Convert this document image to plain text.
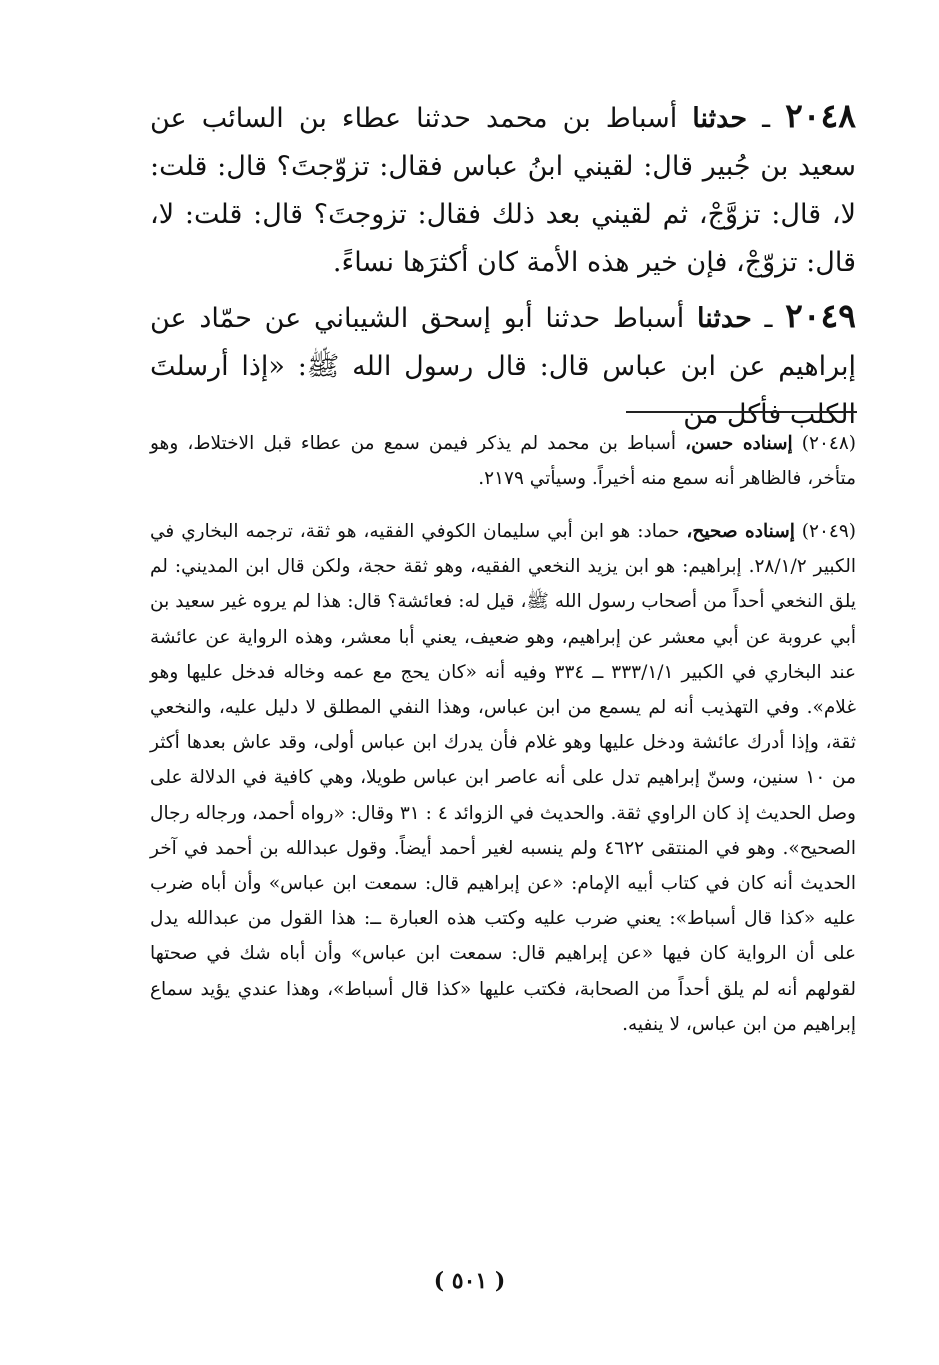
٢٠٤٨ ـ حدثنا أسباط بن محمد حدثنا عطاء بن السائب عن سعيد بن جُبير قال: لقيني ابنُ عباس فقال: تزوّجتَ؟ قال: قلت: لا، قال: تزوَّجْ، ثم لقيني بعد ذلك فقال: تزوجتَ؟ قال: قلت: لا، قال: تزوّجْ، فإن خير هذه الأمة كان أكثرَها نساءً.

٢٠٤٩ ـ حدثنا أسباط حدثنا أبو إسحق الشيباني عن حمّاد عن إبراهيم عن ابن عباس قال: قال رسول الله ﷺ: «إذا أرسلتَ الكلب فأكل من

(٢٠٤٨) إسناده حسن، أسباط بن محمد لم يذكر فيمن سمع من عطاء قبل الاختلاط، وهو متأخر، فالظاهر أنه سمع منه أخيراً. وسيأتي ٢١٧٩.

(٢٠٤٩) إسناده صحيح، حماد: هو ابن أبي سليمان الكوفي الفقيه، هو ثقة، ترجمه البخاري في الكبير ٢٨/١/٢. إبراهيم: هو ابن يزيد النخعي الفقيه، وهو ثقة حجة، ولكن قال ابن المديني: لم يلق النخعي أحداً من أصحاب رسول الله ﷺ، قيل له: فعائشة؟ قال: هذا لم يروه غير سعيد بن أبي عروبة عن أبي معشر عن إبراهيم، وهو ضعيف، يعني أبا معشر، وهذه الرواية عن عائشة عند البخاري في الكبير ٣٣٣/١/١ ــ ٣٣٤ وفيه أنه «كان يحج مع عمه وخاله فدخل عليها وهو غلام». وفي التهذيب أنه لم يسمع من ابن عباس، وهذا النفي المطلق لا دليل عليه، والنخعي ثقة، وإذا أدرك عائشة ودخل عليها وهو غلام فأن يدرك ابن عباس أولى، وقد عاش بعدها أكثر من ١٠ سنين، وسنّ إبراهيم تدل على أنه عاصر ابن عباس طويلا، وهي كافية في الدلالة على وصل الحديث إذ كان الراوي ثقة. والحديث في الزوائد ٤ : ٣١ وقال: «رواه أحمد، ورجاله رجال الصحيح». وهو في المنتقى ٤٦٢٢ ولم ينسبه لغير أحمد أيضاً. وقول عبدالله بن أحمد في آخر الحديث أنه كان في كتاب أبيه الإمام: «عن إبراهيم قال: سمعت ابن عباس» وأن أباه ضرب عليه «كذا قال أسباط»: يعني ضرب عليه وكتب هذه العبارة ــ: هذا القول من عبدالله يدل على أن الرواية كان فيها «عن إبراهيم قال: سمعت ابن عباس» وأن أباه شك في صحتها لقولهم أنه لم يلق أحداً من الصحابة، فكتب عليها «كذا قال أسباط»، وهذا عندي يؤيد سماع إبراهيم من ابن عباس، لا ينفيه.

( ٥٠١ )
